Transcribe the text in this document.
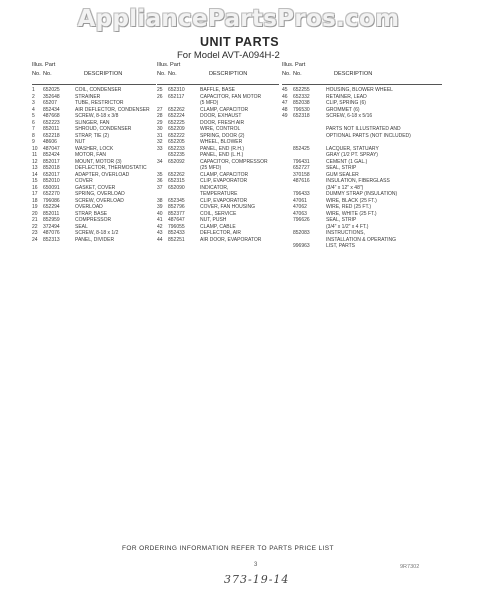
AppliancePartsPros.com
UNIT PARTS
For Model AVT-A094H-2
Illus. Part
No. No.	DESCRIPTION
1 652025	COIL, CONDENSER
2 352648	STRAINER
3 65207	TUBE, RESTRICTOR
4 852434	AIR DEFLECTOR, CONDENSER
5 487668	SCREW, 8-18 x 3/8
6 652223	SLINGER, FAN
7 852011	SHROUD, CONDENSER
8 652218	STRAP, TIE (2)
9 48606	NUT
10 487047	WASHER, LOCK
11 852424	MOTOR, FAN
12 852017	MOUNT, MOTOR (3)
13 852018	DEFLECTOR, THERMOSTATIC
14 652017	ADAPTER, OVERLOAD
15 852010	COVER
16 650091	GASKET, COVER
17 652270	SPRING, OVERLOAD
18 796086	SCREW, OVERLOAD
19 652294	OVERLOAD
20 852011	STRAP, BASE
21 852959	COMPRESSOR
22 372494	SEAL
23 487076	SCREW, 8-18 x 1/2
24 852313	PANEL, DIVIDER
Illus. Part
No. No.	DESCRIPTION
25 652310	BAFFLE, BASE
26 652117	CAPACITOR, FAN MOTOR
(5 MFD)
27 652262	CLAMP, CAPACITOR
28 652224	DOOR, EXHAUST
29 652225	DOOR, FRESH AIR
30 652209	WIRE, CONTROL
31 652222	SPRING, DOOR (2)
32 652205	WHEEL, BLOWER
33 652233	PANEL, END (R.H.)
652235	PANEL, END (L.H.)
34 652092	CAPACITOR, COMPRESSOR
(25 MFD)
35 652262	CLAMP, CAPACITOR
36 652315	CLIP, EVAPORATOR
37 652090	INDICATOR,
TEMPERATURE
38 652345	CLIP, EVAPORATOR
39 852796	COVER, FAN HOUSING
40 852377	COIL, SERVICE
41 487647	NUT, PUSH
42 796055	CLAMP, CABLE
43 852433	DEFLECTOR, AIR
44 852251	AIR DOOR, EVAPORATOR
Illus. Part
No. No.	DESCRIPTION
45 652255	HOUSING, BLOWER WHEEL
46 652332	RETAINER, LEAD
47 852038	CLIP, SPRING (6)
48 796530	GROMMET (6)
49 652318	SCREW, 6-18 x 5/16
PARTS NOT ILLUSTRATED AND
OPTIONAL PARTS (NOT INCLUDED)
852425	LACQUER, STATUARY
GRAY (1/2 PT. SPRAY)
796431	CEMENT (1 GAL.)
652727	SEAL, STRIP
370158	GUM SEALER
487616	INSULATION, FIBERGLASS
(3/4" x 12" x 48")
796433	DUMMY STRAP (INSULATION)
47061	WIRE, BLACK (25 FT.)
47062	WIRE, RED (25 FT.)
47063	WIRE, WHITE (25 FT.)
796626	SEAL, STRIP
(3/4" x 1/2" x 4 FT.)
852083	INSTRUCTIONS,
INSTALLATION & OPERATING
996963	LIST, PARTS
FOR ORDERING INFORMATION REFER TO PARTS PRICE LIST
3	9R7302
373-19-14
